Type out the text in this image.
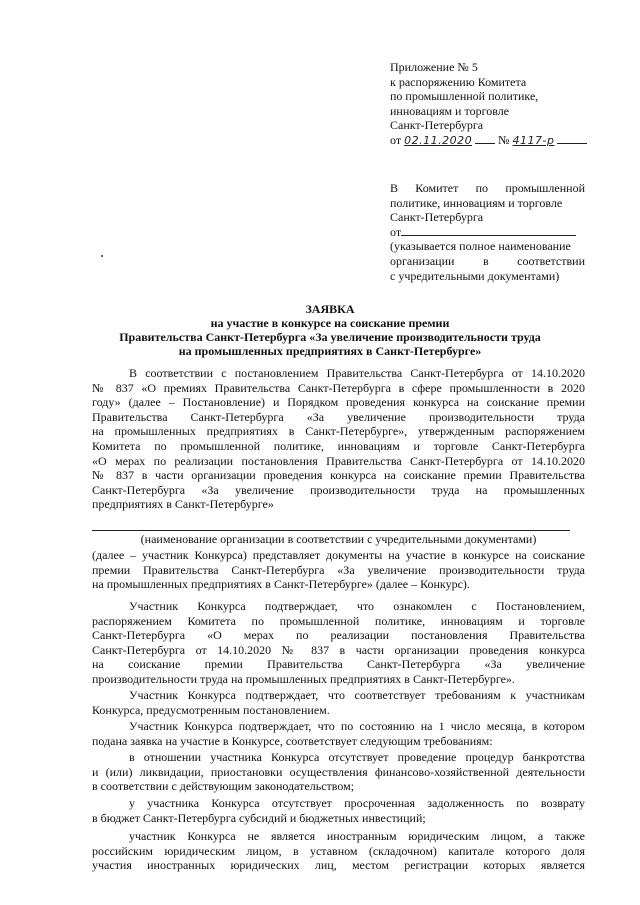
Приложение № 5
к распоряжению Комитета
по промышленной политике,
инновациям и торговле
Санкт-Петербурга
от 02.11.2020 № 4117-р
В Комитет по промышленной
политике, инновациям и торговле
Санкт-Петербурга
от
(указывается полное наименование
организации в соответствии
с учредительными документами)
ЗАЯВКА
на участие в конкурсе на соискание премии
Правительства Санкт-Петербурга «За увеличение производительности труда
на промышленных предприятиях в Санкт-Петербурге»
В соответствии с постановлением Правительства Санкт-Петербурга от 14.10.2020
№ 837 «О премиях Правительства Санкт-Петербурга в сфере промышленности в 2020
году» (далее – Постановление) и Порядком проведения конкурса на соискание премии
Правительства Санкт-Петербурга «За увеличение производительности труда
на промышленных предприятиях в Санкт-Петербурге», утвержденным распоряжением
Комитета по промышленной политике, инновациям и торговле Санкт-Петербурга
«О мерах по реализации постановления Правительства Санкт-Петербурга от 14.10.2020
№ 837 в части организации проведения конкурса на соискание премии Правительства
Санкт-Петербурга «За увеличение производительности труда на промышленных
предприятиях в Санкт-Петербурге»
(наименование организации в соответствии с учредительными документами)
(далее – участник Конкурса) представляет документы на участие в конкурсе на соискание
премии Правительства Санкт-Петербурга «За увеличение производительности труда
на промышленных предприятиях в Санкт-Петербурге» (далее – Конкурс).
Участник Конкурса подтверждает, что ознакомлен с Постановлением,
распоряжением Комитета по промышленной политике, инновациям и торговле
Санкт-Петербурга «О мерах по реализации постановления Правительства
Санкт-Петербурга от 14.10.2020 № 837 в части организации проведения конкурса
на соискание премии Правительства Санкт-Петербурга «За увеличение
производительности труда на промышленных предприятиях в Санкт-Петербурге».
Участник Конкурса подтверждает, что соответствует требованиям к участникам
Конкурса, предусмотренным постановлением.
Участник Конкурса подтверждает, что по состоянию на 1 число месяца, в котором
подана заявка на участие в Конкурсе, соответствует следующим требованиям:
в отношении участника Конкурса отсутствует проведение процедур банкротства
и (или) ликвидации, приостановки осуществления финансово-хозяйственной деятельности
в соответствии с действующим законодательством;
у участника Конкурса отсутствует просроченная задолженность по возврату
в бюджет Санкт-Петербурга субсидий и бюджетных инвестиций;
участник Конкурса не является иностранным юридическим лицом, а также
российским юридическим лицом, в уставном (складочном) капитале которого доля
участия иностранных юридических лиц, местом регистрации которых является
